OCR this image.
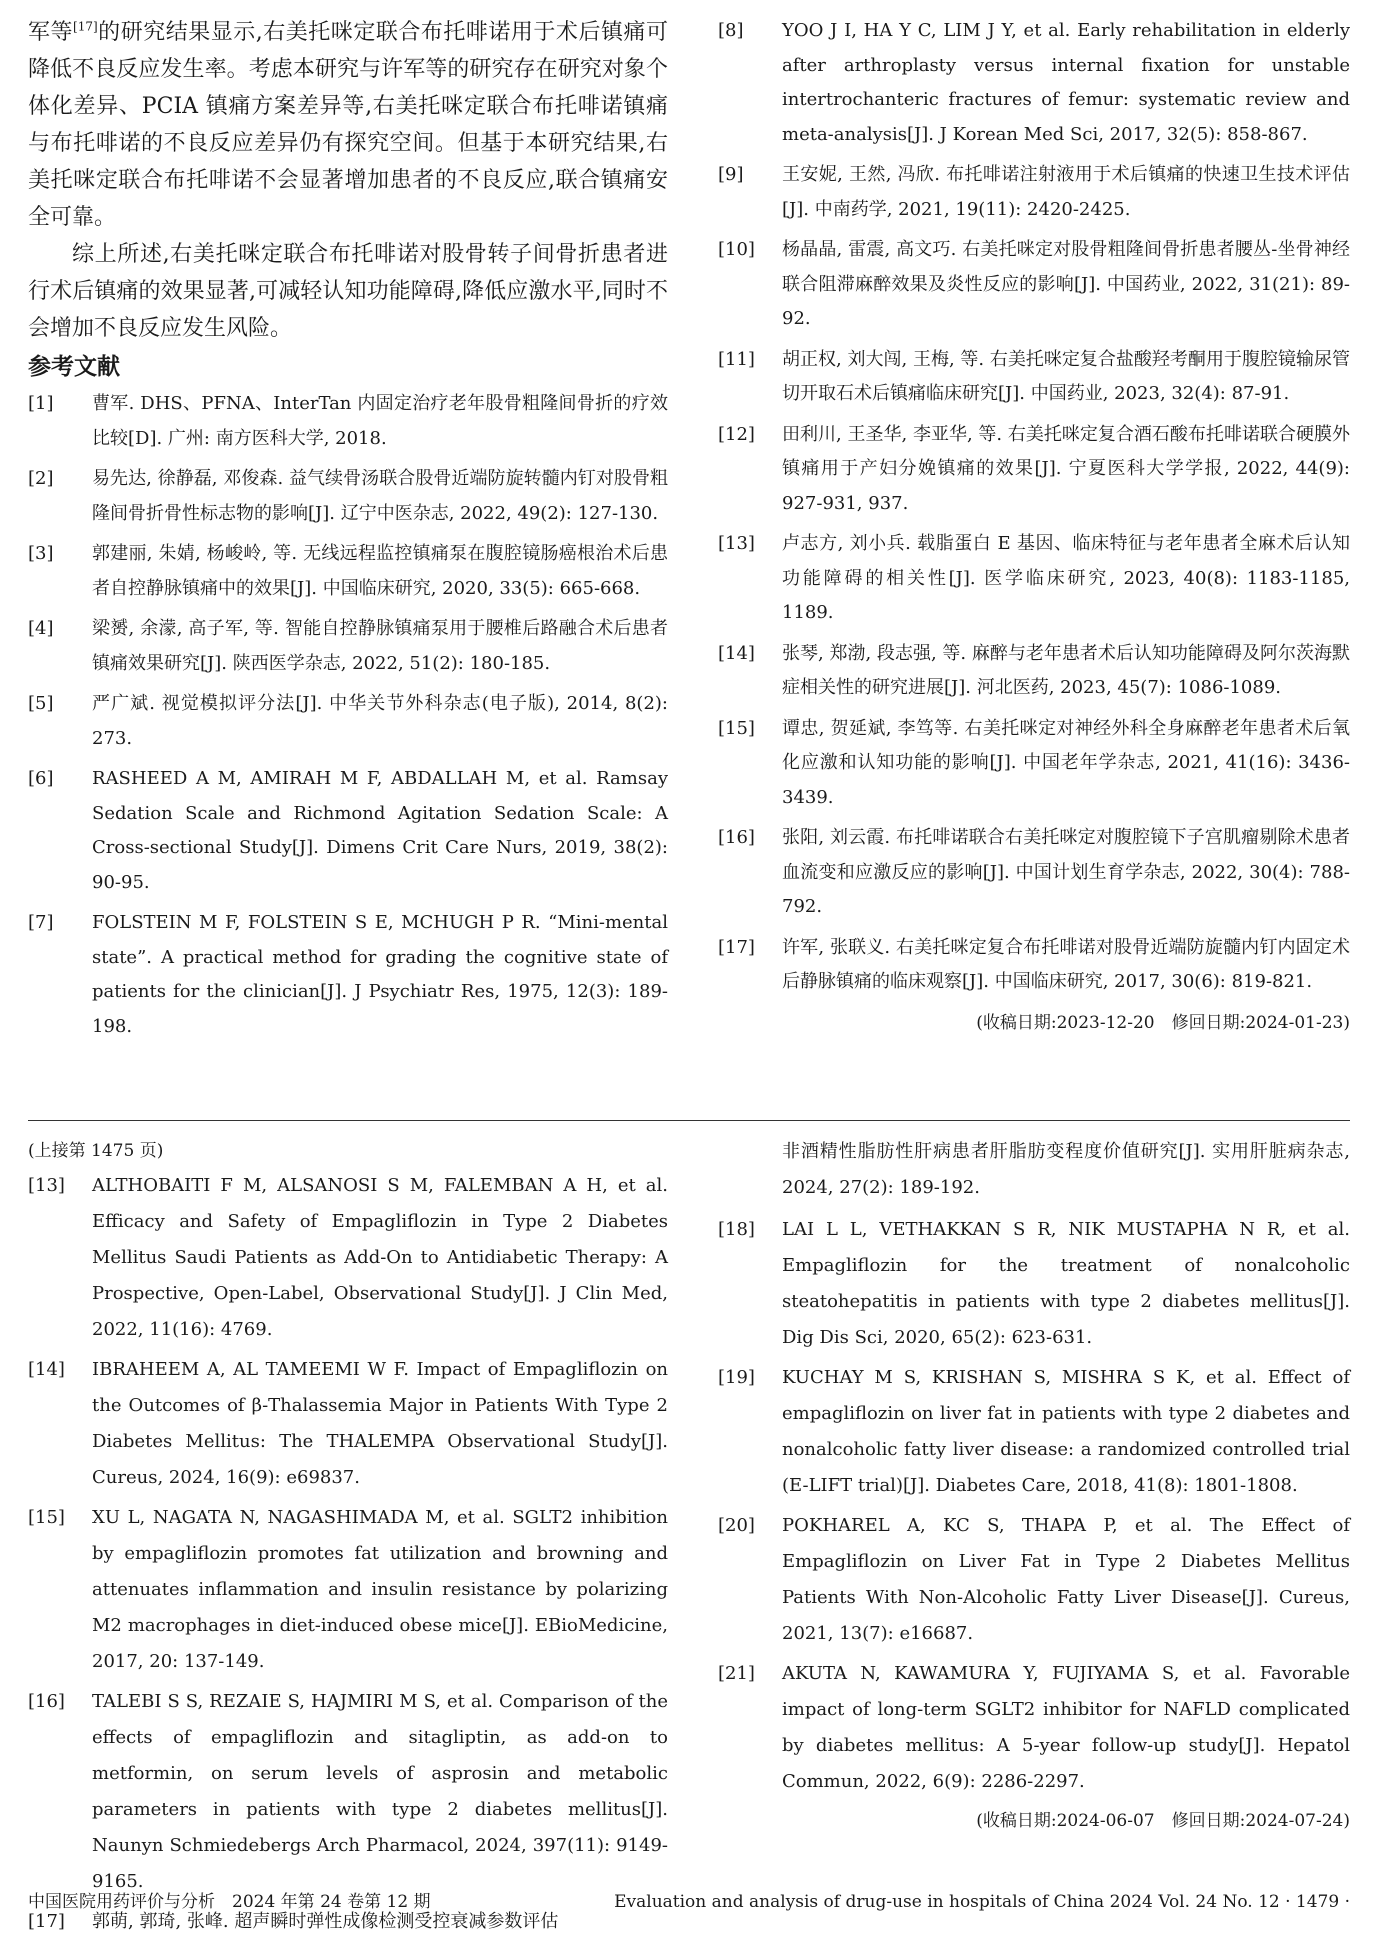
军等[17]的研究结果显示,右美托咪定联合布托啡诺用于术后镇痛可降低不良反应发生率。考虑本研究与许军等的研究存在研究对象个体化差异、PCIA 镇痛方案差异等,右美托咪定联合布托啡诺镇痛与布托啡诺的不良反应差异仍有探究空间。但基于本研究结果,右美托咪定联合布托啡诺不会显著增加患者的不良反应,联合镇痛安全可靠。

综上所述,右美托咪定联合布托啡诺对股骨转子间骨折患者进行术后镇痛的效果显著,可减轻认知功能障碍,降低应激水平,同时不会增加不良反应发生风险。

参考文献
[1]	曹军. DHS、PFNA、InterTan 内固定治疗老年股骨粗隆间骨折的疗效比较[D]. 广州: 南方医科大学, 2018.
[2]	易先达, 徐静磊, 邓俊森. 益气续骨汤联合股骨近端防旋转髓内钉对股骨粗隆间骨折骨性标志物的影响[J]. 辽宁中医杂志, 2022, 49(2): 127-130.
[3]	郭建丽, 朱婧, 杨峻岭, 等. 无线远程监控镇痛泵在腹腔镜肠癌根治术后患者自控静脉镇痛中的效果[J]. 中国临床研究, 2020, 33(5): 665-668.
[4]	梁赟, 余濛, 高子军, 等. 智能自控静脉镇痛泵用于腰椎后路融合术后患者镇痛效果研究[J]. 陕西医学杂志, 2022, 51(2): 180-185.
[5]	严广斌. 视觉模拟评分法[J]. 中华关节外科杂志(电子版), 2014, 8(2): 273.
[6]	RASHEED A M, AMIRAH M F, ABDALLAH M, et al. Ramsay Sedation Scale and Richmond Agitation Sedation Scale: A Cross-sectional Study[J]. Dimens Crit Care Nurs, 2019, 38(2): 90-95.
[7]	FOLSTEIN M F, FOLSTEIN S E, MCHUGH P R. “Mini-mental state”. A practical method for grading the cognitive state of patients for the clinician[J]. J Psychiatr Res, 1975, 12(3): 189-198.
[8]	YOO J I, HA Y C, LIM J Y, et al. Early rehabilitation in elderly after arthroplasty versus internal fixation for unstable intertrochanteric fractures of femur: systematic review and meta-analysis[J]. J Korean Med Sci, 2017, 32(5): 858-867.
[9]	王安妮, 王然, 冯欣. 布托啡诺注射液用于术后镇痛的快速卫生技术评估[J]. 中南药学, 2021, 19(11): 2420-2425.
[10]	杨晶晶, 雷震, 高文巧. 右美托咪定对股骨粗隆间骨折患者腰丛-坐骨神经联合阻滞麻醉效果及炎性反应的影响[J]. 中国药业, 2022, 31(21): 89-92.
[11]	胡正权, 刘大闯, 王梅, 等. 右美托咪定复合盐酸羟考酮用于腹腔镜输尿管切开取石术后镇痛临床研究[J]. 中国药业, 2023, 32(4): 87-91.
[12]	田利川, 王圣华, 李亚华, 等. 右美托咪定复合酒石酸布托啡诺联合硬膜外镇痛用于产妇分娩镇痛的效果[J]. 宁夏医科大学学报, 2022, 44(9): 927-931, 937.
[13]	卢志方, 刘小兵. 载脂蛋白 E 基因、临床特征与老年患者全麻术后认知功能障碍的相关性[J]. 医学临床研究, 2023, 40(8): 1183-1185, 1189.
[14]	张琴, 郑渤, 段志强, 等. 麻醉与老年患者术后认知功能障碍及阿尔茨海默症相关性的研究进展[J]. 河北医药, 2023, 45(7): 1086-1089.
[15]	谭忠, 贺延斌, 李笃等. 右美托咪定对神经外科全身麻醉老年患者术后氧化应激和认知功能的影响[J]. 中国老年学杂志, 2021, 41(16): 3436-3439.
[16]	张阳, 刘云霞. 布托啡诺联合右美托咪定对腹腔镜下子宫肌瘤剔除术患者血流变和应激反应的影响[J]. 中国计划生育学杂志, 2022, 30(4): 788-792.
[17]	许军, 张联义. 右美托咪定复合布托啡诺对股骨近端防旋髓内钉内固定术后静脉镇痛的临床观察[J]. 中国临床研究, 2017, 30(6): 819-821.
(收稿日期:2023-12-20　修回日期:2024-01-23)
(上接第 1475 页)
[13]	ALTHOBAITI F M, ALSANOSI S M, FALEMBAN A H, et al. Efficacy and Safety of Empagliflozin in Type 2 Diabetes Mellitus Saudi Patients as Add-On to Antidiabetic Therapy: A Prospective, Open-Label, Observational Study[J]. J Clin Med, 2022, 11(16): 4769.
[14]	IBRAHEEM A, AL TAMEEMI W F. Impact of Empagliflozin on the Outcomes of β-Thalassemia Major in Patients With Type 2 Diabetes Mellitus: The THALEMPA Observational Study[J]. Cureus, 2024, 16(9): e69837.
[15]	XU L, NAGATA N, NAGASHIMADA M, et al. SGLT2 inhibition by empagliflozin promotes fat utilization and browning and attenuates inflammation and insulin resistance by polarizing M2 macrophages in diet-induced obese mice[J]. EBioMedicine, 2017, 20: 137-149.
[16]	TALEBI S S, REZAIE S, HAJMIRI M S, et al. Comparison of the effects of empagliflozin and sitagliptin, as add-on to metformin, on serum levels of asprosin and metabolic parameters in patients with type 2 diabetes mellitus[J]. Naunyn Schmiedebergs Arch Pharmacol, 2024, 397(11): 9149-9165.
[17]	郭萌, 郭琦, 张峰. 超声瞬时弹性成像检测受控衰减参数评估

非酒精性脂肪性肝病患者肝脂肪变程度价值研究[J]. 实用肝脏病杂志, 2024, 27(2): 189-192.

[18]	LAI L L, VETHAKKAN S R, NIK MUSTAPHA N R, et al. Empagliflozin for the treatment of nonalcoholic steatohepatitis in patients with type 2 diabetes mellitus[J]. Dig Dis Sci, 2020, 65(2): 623-631.
[19]	KUCHAY M S, KRISHAN S, MISHRA S K, et al. Effect of empagliflozin on liver fat in patients with type 2 diabetes and nonalcoholic fatty liver disease: a randomized controlled trial (E-LIFT trial)[J]. Diabetes Care, 2018, 41(8): 1801-1808.
[20]	POKHAREL A, KC S, THAPA P, et al. The Effect of Empagliflozin on Liver Fat in Type 2 Diabetes Mellitus Patients With Non-Alcoholic Fatty Liver Disease[J]. Cureus, 2021, 13(7): e16687.
[21]	AKUTA N, KAWAMURA Y, FUJIYAMA S, et al. Favorable impact of long-term SGLT2 inhibitor for NAFLD complicated by diabetes mellitus: A 5-year follow-up study[J]. Hepatol Commun, 2022, 6(9): 2286-2297.
(收稿日期:2024-06-07　修回日期:2024-07-24)
中国医院用药评价与分析　2024 年第 24 卷第 12 期	Evaluation and analysis of drug-use in hospitals of China 2024 Vol. 24 No. 12 · 1479 ·
